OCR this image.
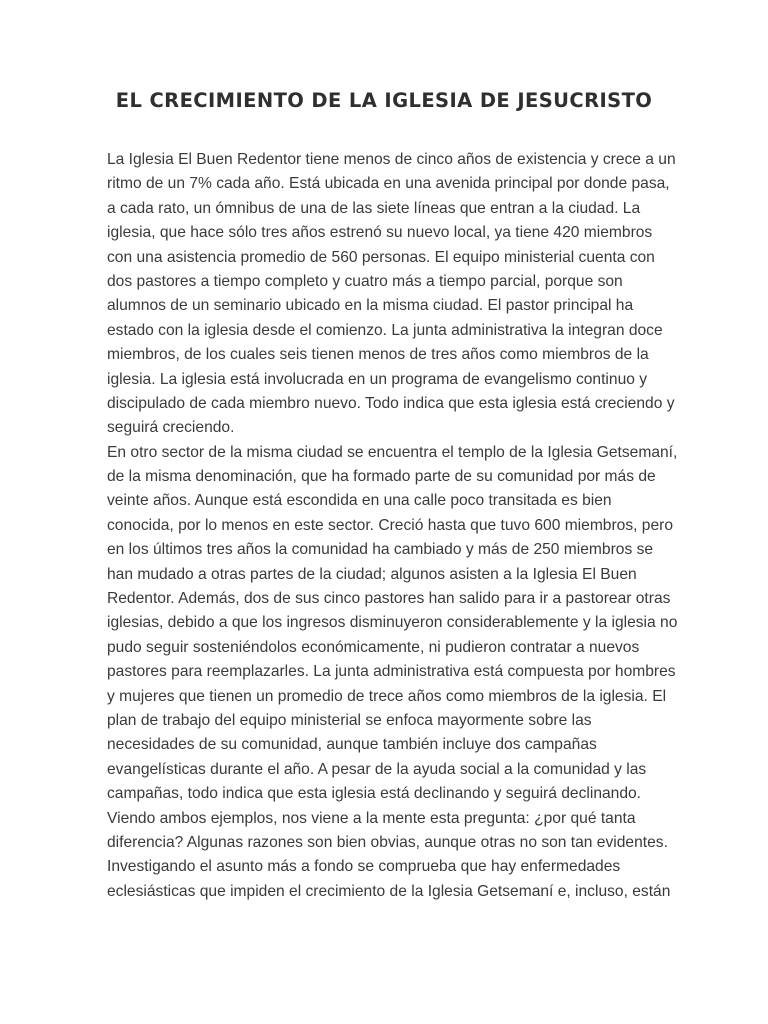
EL CRECIMIENTO DE LA IGLESIA DE JESUCRISTO
La Iglesia El Buen Redentor tiene menos de cinco años de existencia y crece a un
ritmo de un 7% cada año. Está ubicada en una avenida principal por donde pasa,
a cada rato, un ómnibus de una de las siete líneas que entran a la ciudad. La
iglesia, que hace sólo tres años estrenó su nuevo local, ya tiene 420 miembros
con una asistencia promedio de 560 personas. El equipo ministerial cuenta con
dos pastores a tiempo completo y cuatro más a tiempo parcial, porque son
alumnos de un seminario ubicado en la misma ciudad. El pastor principal ha
estado con la iglesia desde el comienzo. La junta administrativa la integran doce
miembros, de los cuales seis tienen menos de tres años como miembros de la
iglesia. La iglesia está involucrada en un programa de evangelismo continuo y
discipulado de cada miembro nuevo. Todo indica que esta iglesia está creciendo y
seguirá creciendo.
En otro sector de la misma ciudad se encuentra el templo de la Iglesia Getsemaní,
de la misma denominación, que ha formado parte de su comunidad por más de
veinte años. Aunque está escondida en una calle poco transitada es bien
conocida, por lo menos en este sector. Creció hasta que tuvo 600 miembros, pero
en los últimos tres años la comunidad ha cambiado y más de 250 miembros se
han mudado a otras partes de la ciudad; algunos asisten a la Iglesia El Buen
Redentor. Además, dos de sus cinco pastores han salido para ir a pastorear otras
iglesias, debido a que los ingresos disminuyeron considerablemente y la iglesia no
pudo seguir sosteniéndolos económicamente, ni pudieron contratar a nuevos
pastores para reemplazarles. La junta administrativa está compuesta por hombres
y mujeres que tienen un promedio de trece años como miembros de la iglesia. El
plan de trabajo del equipo ministerial se enfoca mayormente sobre las
necesidades de su comunidad, aunque también incluye dos campañas
evangelísticas durante el año. A pesar de la ayuda social a la comunidad y las
campañas, todo indica que esta iglesia está declinando y seguirá declinando.
Viendo ambos ejemplos, nos viene a la mente esta pregunta: ¿por qué tanta
diferencia? Algunas razones son bien obvias, aunque otras no son tan evidentes.
Investigando el asunto más a fondo se comprueba que hay enfermedades
eclesiásticas que impiden el crecimiento de la Iglesia Getsemaní e, incluso, están
